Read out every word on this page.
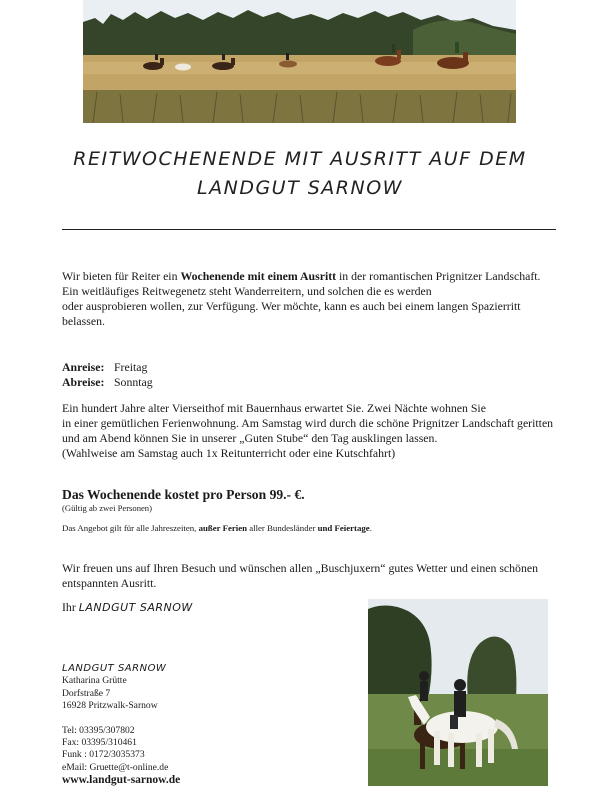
REITWOCHENENDE MIT AUSRITT AUF DEM
LANDGUT SARNOW
Wir bieten für Reiter ein Wochenende mit einem Ausritt in der romantischen Prignitzer Landschaft.
Ein weitläufiges Reitwegenetz steht Wanderreitern, und solchen die es werden
oder ausprobieren wollen, zur Verfügung. Wer möchte, kann es auch bei einem langen Spazierritt belassen.
Anreise: Freitag
Abreise: Sonntag
Ein hundert Jahre alter Vierseithof mit Bauernhaus erwartet Sie. Zwei Nächte wohnen Sie
in einer gemütlichen Ferienwohnung. Am Samstag wird durch die schöne Prignitzer Landschaft geritten und am Abend können Sie in unserer „Guten Stube“ den Tag ausklingen lassen.
(Wahlweise am Samstag auch 1x Reitunterricht oder eine Kutschfahrt)
Das Wochenende kostet pro Person 99.- €.
(Gültig ab zwei Personen)
Das Angebot gilt für alle Jahreszeiten, außer Ferien aller Bundesländer und Feiertage.
Wir freuen uns auf Ihren Besuch und wünschen allen „Buschjuxern“ gutes Wetter und einen schönen entspannten Ausritt.
Ihr LANDGUT SARNOW
LANDGUT SARNOW
Katharina Grütte
Dorfstraße 7
16928 Pritzwalk-Sarnow
Tel: 03395/307802
Fax: 03395/310461
Funk : 0172/3035373
eMail: Gruette@t-online.de
www.landgut-sarnow.de
